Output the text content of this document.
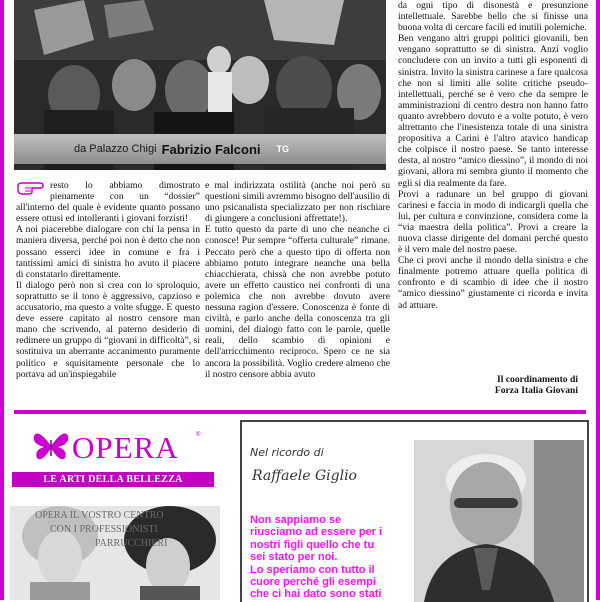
da Palazzo Chigi Fabrizio Falconi TG

resto lo abbiamo dimostrato pienamente con un “dossier” all'interno del quale è evidente quanto possano essere ottusi ed intolleranti i giovani forzisti!

A noi piacerebbe dialogare con chi la pensa in maniera diversa, perché poi non è detto che non possano esserci idee in comune e fra i tantissimi amici di sinistra ho avuto il piacere di constatarlo direttamente.

Il dialogo però non si crea con lo sproloquio, soprattutto se il tono è aggressivo, capzioso e accusatorio, ma questo a volte sfugge. E questo deve essere capitato al nostro censore man mano che scrivendo, al paterno desiderio di redimere un gruppo di “giovani in difficoltà”, si sostituiva un aberrante accanimento puramente politico e squisitamente personale che lo portava ad un'inspiegabile

e mal indirizzata ostilità (anche noi però su questioni simili avremmo bisogno dell'ausilio di uno psicanalista specializzato per non rischiare di giungere a conclusioni affrettate!).

E tutto questo da parte di uno che neanche ci conosce! Pur sempre “offerta culturale” rimane. Peccato però che a questo tipo di offerta non abbiamo potuto integrare neanche una bella chiacchierata, chissà che non avrebbe potuto avere un effetto caustico nei confronti di una polemica che non avrebbe dovuto avere nessuna ragion d'essere. Conoscenza è fonte di civiltà, e parlo anche della conoscenza tra gli uomini, del dialogo fatto con le parole, quelle reali, dello scambio di opinioni e dell'arricchimento reciproco. Spero ce ne sia ancora la possibilità. Voglio credere almeno che il nostro censore abbia avuto

da ogni tipo di disonestà e presunzione intellettuale. Sarebbe bello che si finisse una buona volta di cercare facili ed inutili polemiche.

Ben vengano altri gruppi politici giovanili, ben vengano soprattutto se di sinistra. Anzi voglio concludere con un invito a tutti gli esponenti di sinistra. Invito la sinistra carinese a fare qualcosa che non si limiti alle solite critiche pseudo-intellettuali, perché se è vero che da sempre le amministrazioni di centro destra non hanno fatto quanto avrebbero dovuto e a volte potuto, è vero altrettanto che l'inesistenza totale di una sinistra propositiva a Carini è l'altro atavico handicap che colpisce il nostro paese. Se tanto interesse desta, al nostro “amico diessino”, il mondo di noi giovani, allora mi sembra giunto il momento che egli si dia realmente da fare.

Provi a radunare un bel gruppo di giovani carinesi e faccia in modo di indicargli quella che lui, per cultura e convinzione, considera come la “via maestra della politica”. Provi a creare la nuova classe dirigente del domani perché questo è il vero male del nostro paese.

Che ci provi anche il mondo della sinistra e che finalmente potremo attuare quella politica di confronto e di scambio di idee che il nostro “amico diessino” giustamente ci ricorda e invita ad attuare.

Il coordinamento di
Forza Italia Giovani
OPERA	®
LE ARTI DELLA BELLEZZA
OPERA IL VOSTRO CENTRO
CON I PROFESSIONISTI
PARRUCCHIERI
Nel ricordo di
Raffaele Giglio

Non sappiamo se

riusciamo ad essere per i

nostri figli quello che tu

sei stato per noi.

Lo speriamo con tutto il

cuore perché gli esempi

che ci hai dato sono stati
